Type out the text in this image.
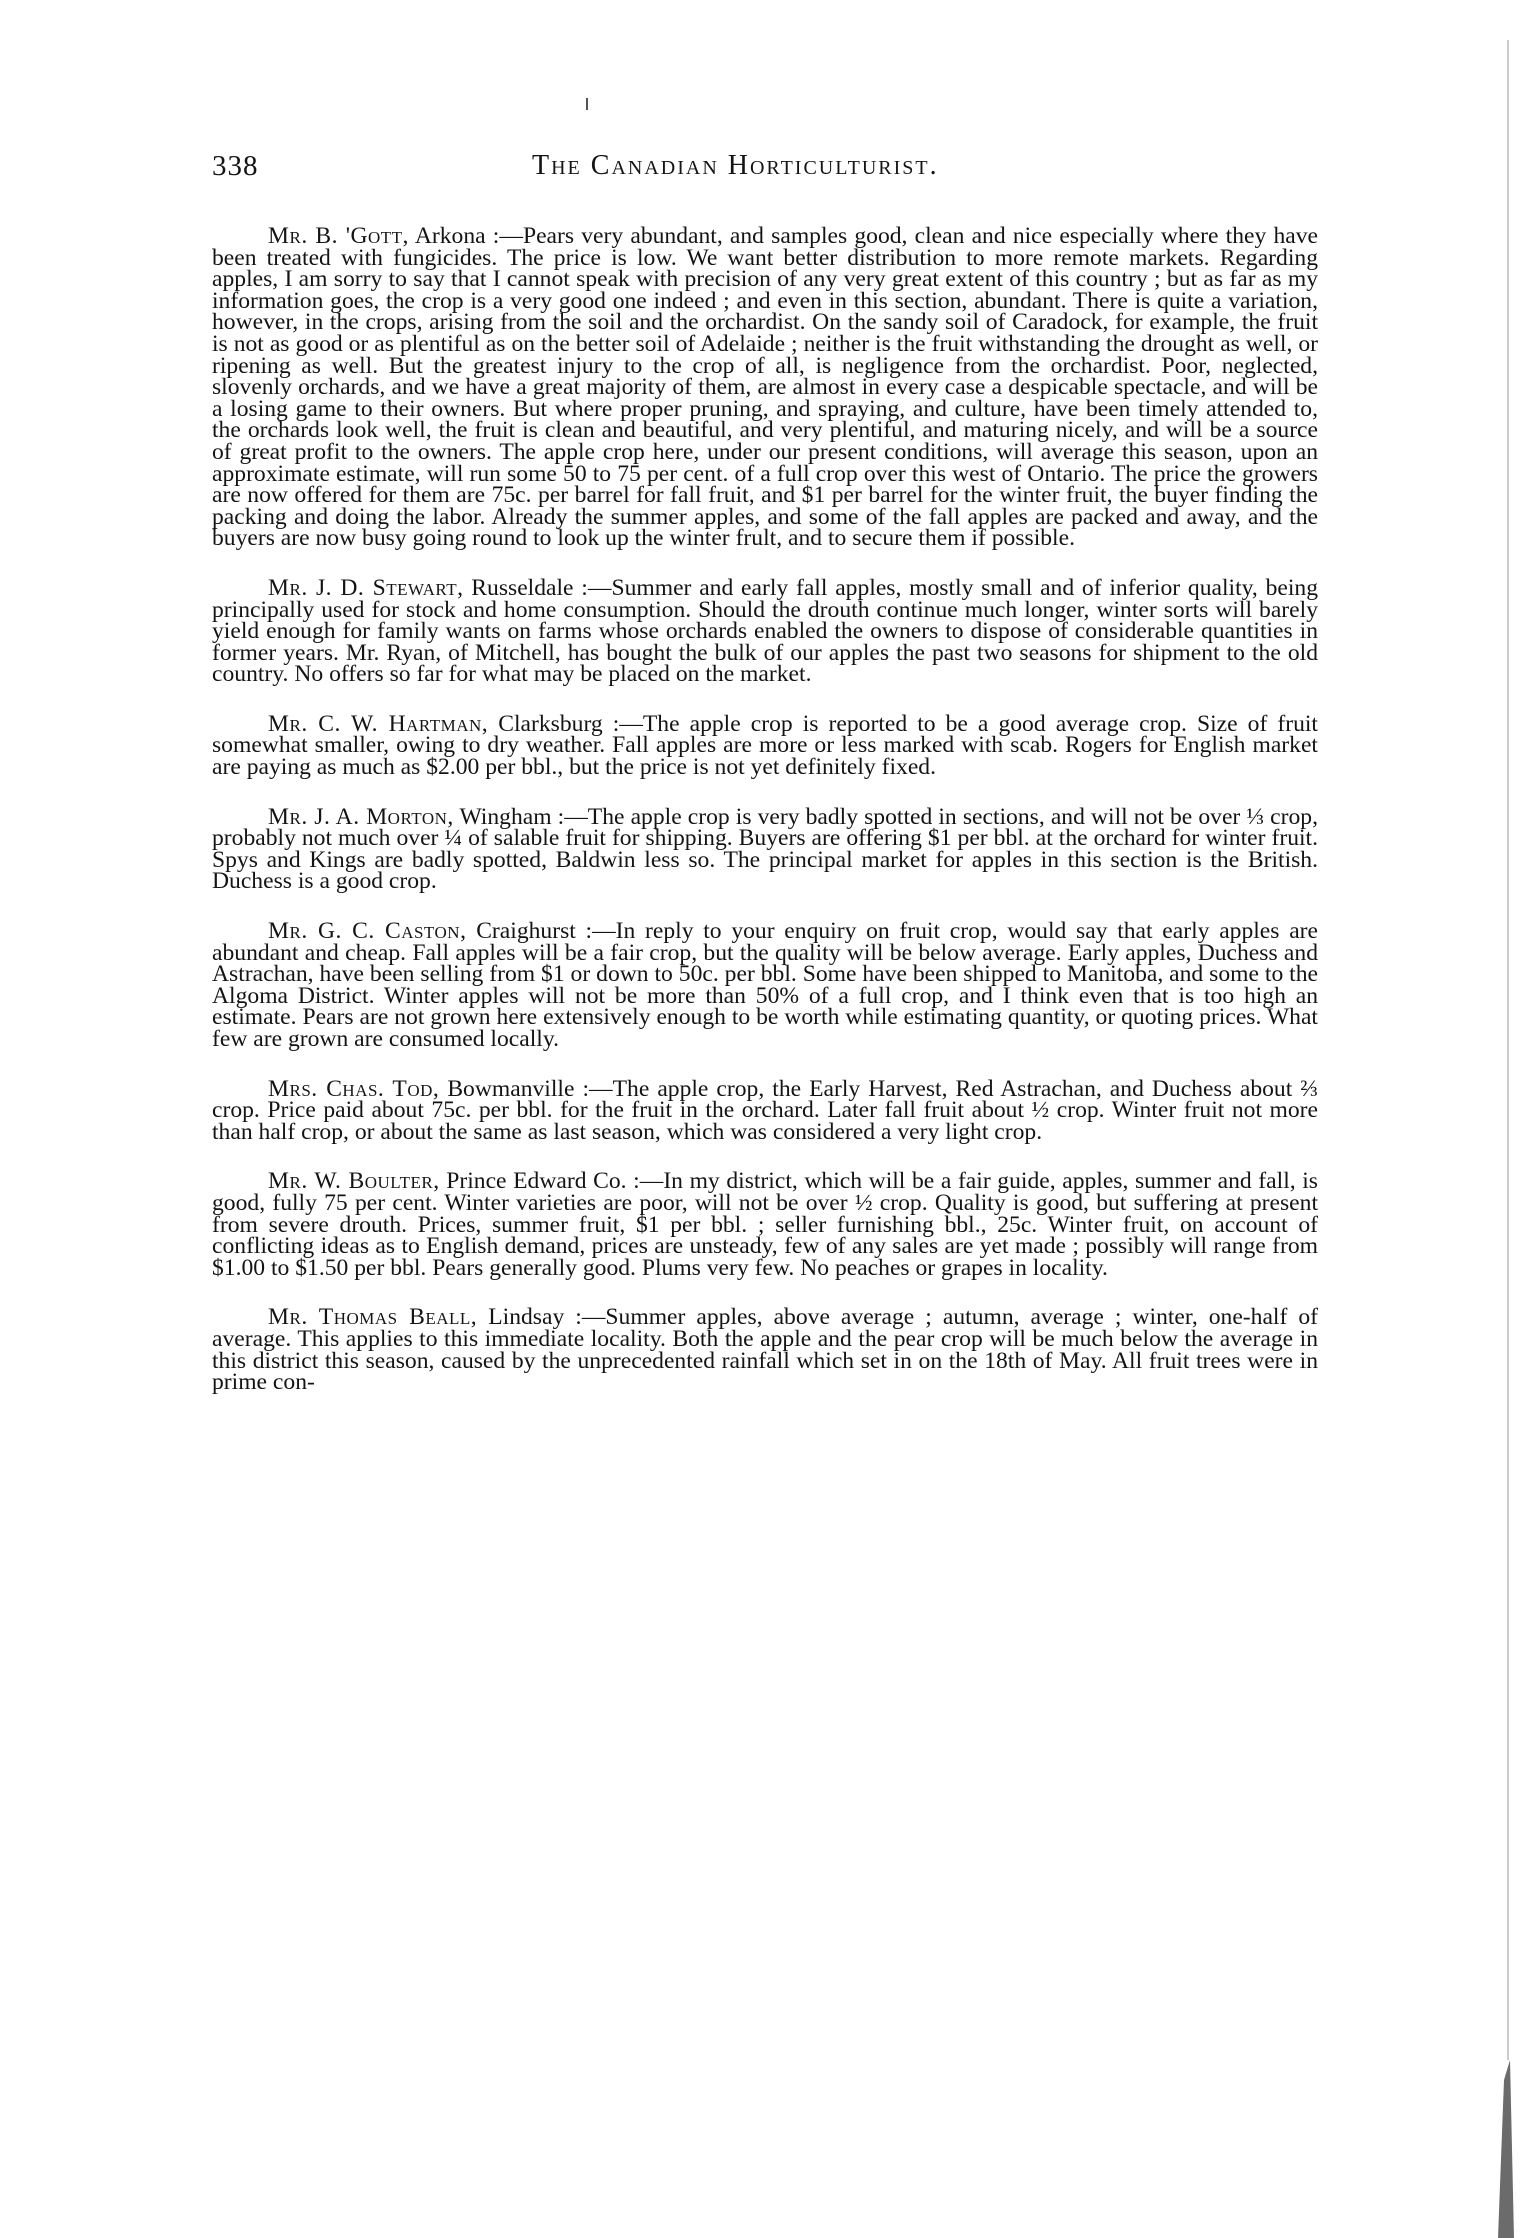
338	The Canadian Horticulturist.

Mr. B. 'Gott, Arkona :—Pears very abundant, and samples good, clean and nice especially where they have been treated with fungicides. The price is low. We want better distribution to more remote markets. Regarding apples, I am sorry to say that I cannot speak with precision of any very great extent of this country ; but as far as my information goes, the crop is a very good one indeed ; and even in this section, abundant. There is quite a variation, however, in the crops, arising from the soil and the orchardist. On the sandy soil of Caradock, for example, the fruit is not as good or as plentiful as on the better soil of Adelaide ; neither is the fruit withstanding the drought as well, or ripening as well. But the greatest injury to the crop of all, is negligence from the orchardist. Poor, neglected, slovenly orchards, and we have a great majority of them, are almost in every case a despicable spectacle, and will be a losing game to their owners. But where proper pruning, and spraying, and culture, have been timely attended to, the orchards look well, the fruit is clean and beautiful, and very plentiful, and maturing nicely, and will be a source of great profit to the owners. The apple crop here, under our present conditions, will average this season, upon an approximate estimate, will run some 50 to 75 per cent. of a full crop over this west of Ontario. The price the growers are now offered for them are 75c. per barrel for fall fruit, and $1 per barrel for the winter fruit, the buyer finding the packing and doing the labor. Already the summer apples, and some of the fall apples are packed and away, and the buyers are now busy going round to look up the winter frult, and to secure them if possible.

Mr. J. D. Stewart, Russeldale :—Summer and early fall apples, mostly small and of inferior quality, being principally used for stock and home consumption. Should the drouth continue much longer, winter sorts will barely yield enough for family wants on farms whose orchards enabled the owners to dispose of considerable quantities in former years. Mr. Ryan, of Mitchell, has bought the bulk of our apples the past two seasons for shipment to the old country. No offers so far for what may be placed on the market.

Mr. C. W. Hartman, Clarksburg :—The apple crop is reported to be a good average crop. Size of fruit somewhat smaller, owing to dry weather. Fall apples are more or less marked with scab. Rogers for English market are paying as much as $2.00 per bbl., but the price is not yet definitely fixed.

Mr. J. A. Morton, Wingham :—The apple crop is very badly spotted in sections, and will not be over ⅓ crop, probably not much over ¼ of salable fruit for shipping. Buyers are offering $1 per bbl. at the orchard for winter fruit. Spys and Kings are badly spotted, Baldwin less so. The principal market for apples in this section is the British. Duchess is a good crop.

Mr. G. C. Caston, Craighurst :—In reply to your enquiry on fruit crop, would say that early apples are abundant and cheap. Fall apples will be a fair crop, but the quality will be below average. Early apples, Duchess and Astrachan, have been selling from $1 or down to 50c. per bbl. Some have been shipped to Manitoba, and some to the Algoma District. Winter apples will not be more than 50% of a full crop, and I think even that is too high an estimate. Pears are not grown here extensively enough to be worth while estimating quantity, or quoting prices. What few are grown are consumed locally.

Mrs. Chas. Tod, Bowmanville :—The apple crop, the Early Harvest, Red Astrachan, and Duchess about ⅔ crop. Price paid about 75c. per bbl. for the fruit in the orchard. Later fall fruit about ½ crop. Winter fruit not more than half crop, or about the same as last season, which was considered a very light crop.

Mr. W. Boulter, Prince Edward Co. :—In my district, which will be a fair guide, apples, summer and fall, is good, fully 75 per cent. Winter varieties are poor, will not be over ½ crop. Quality is good, but suffering at present from severe drouth. Prices, summer fruit, $1 per bbl. ; seller furnishing bbl., 25c. Winter fruit, on account of conflicting ideas as to English demand, prices are unsteady, few of any sales are yet made ; possibly will range from $1.00 to $1.50 per bbl. Pears generally good. Plums very few. No peaches or grapes in locality.

Mr. Thomas Beall, Lindsay :—Summer apples, above average ; autumn, average ; winter, one-half of average. This applies to this immediate locality. Both the apple and the pear crop will be much below the average in this district this season, caused by the unprecedented rainfall which set in on the 18th of May. All fruit trees were in prime con-
